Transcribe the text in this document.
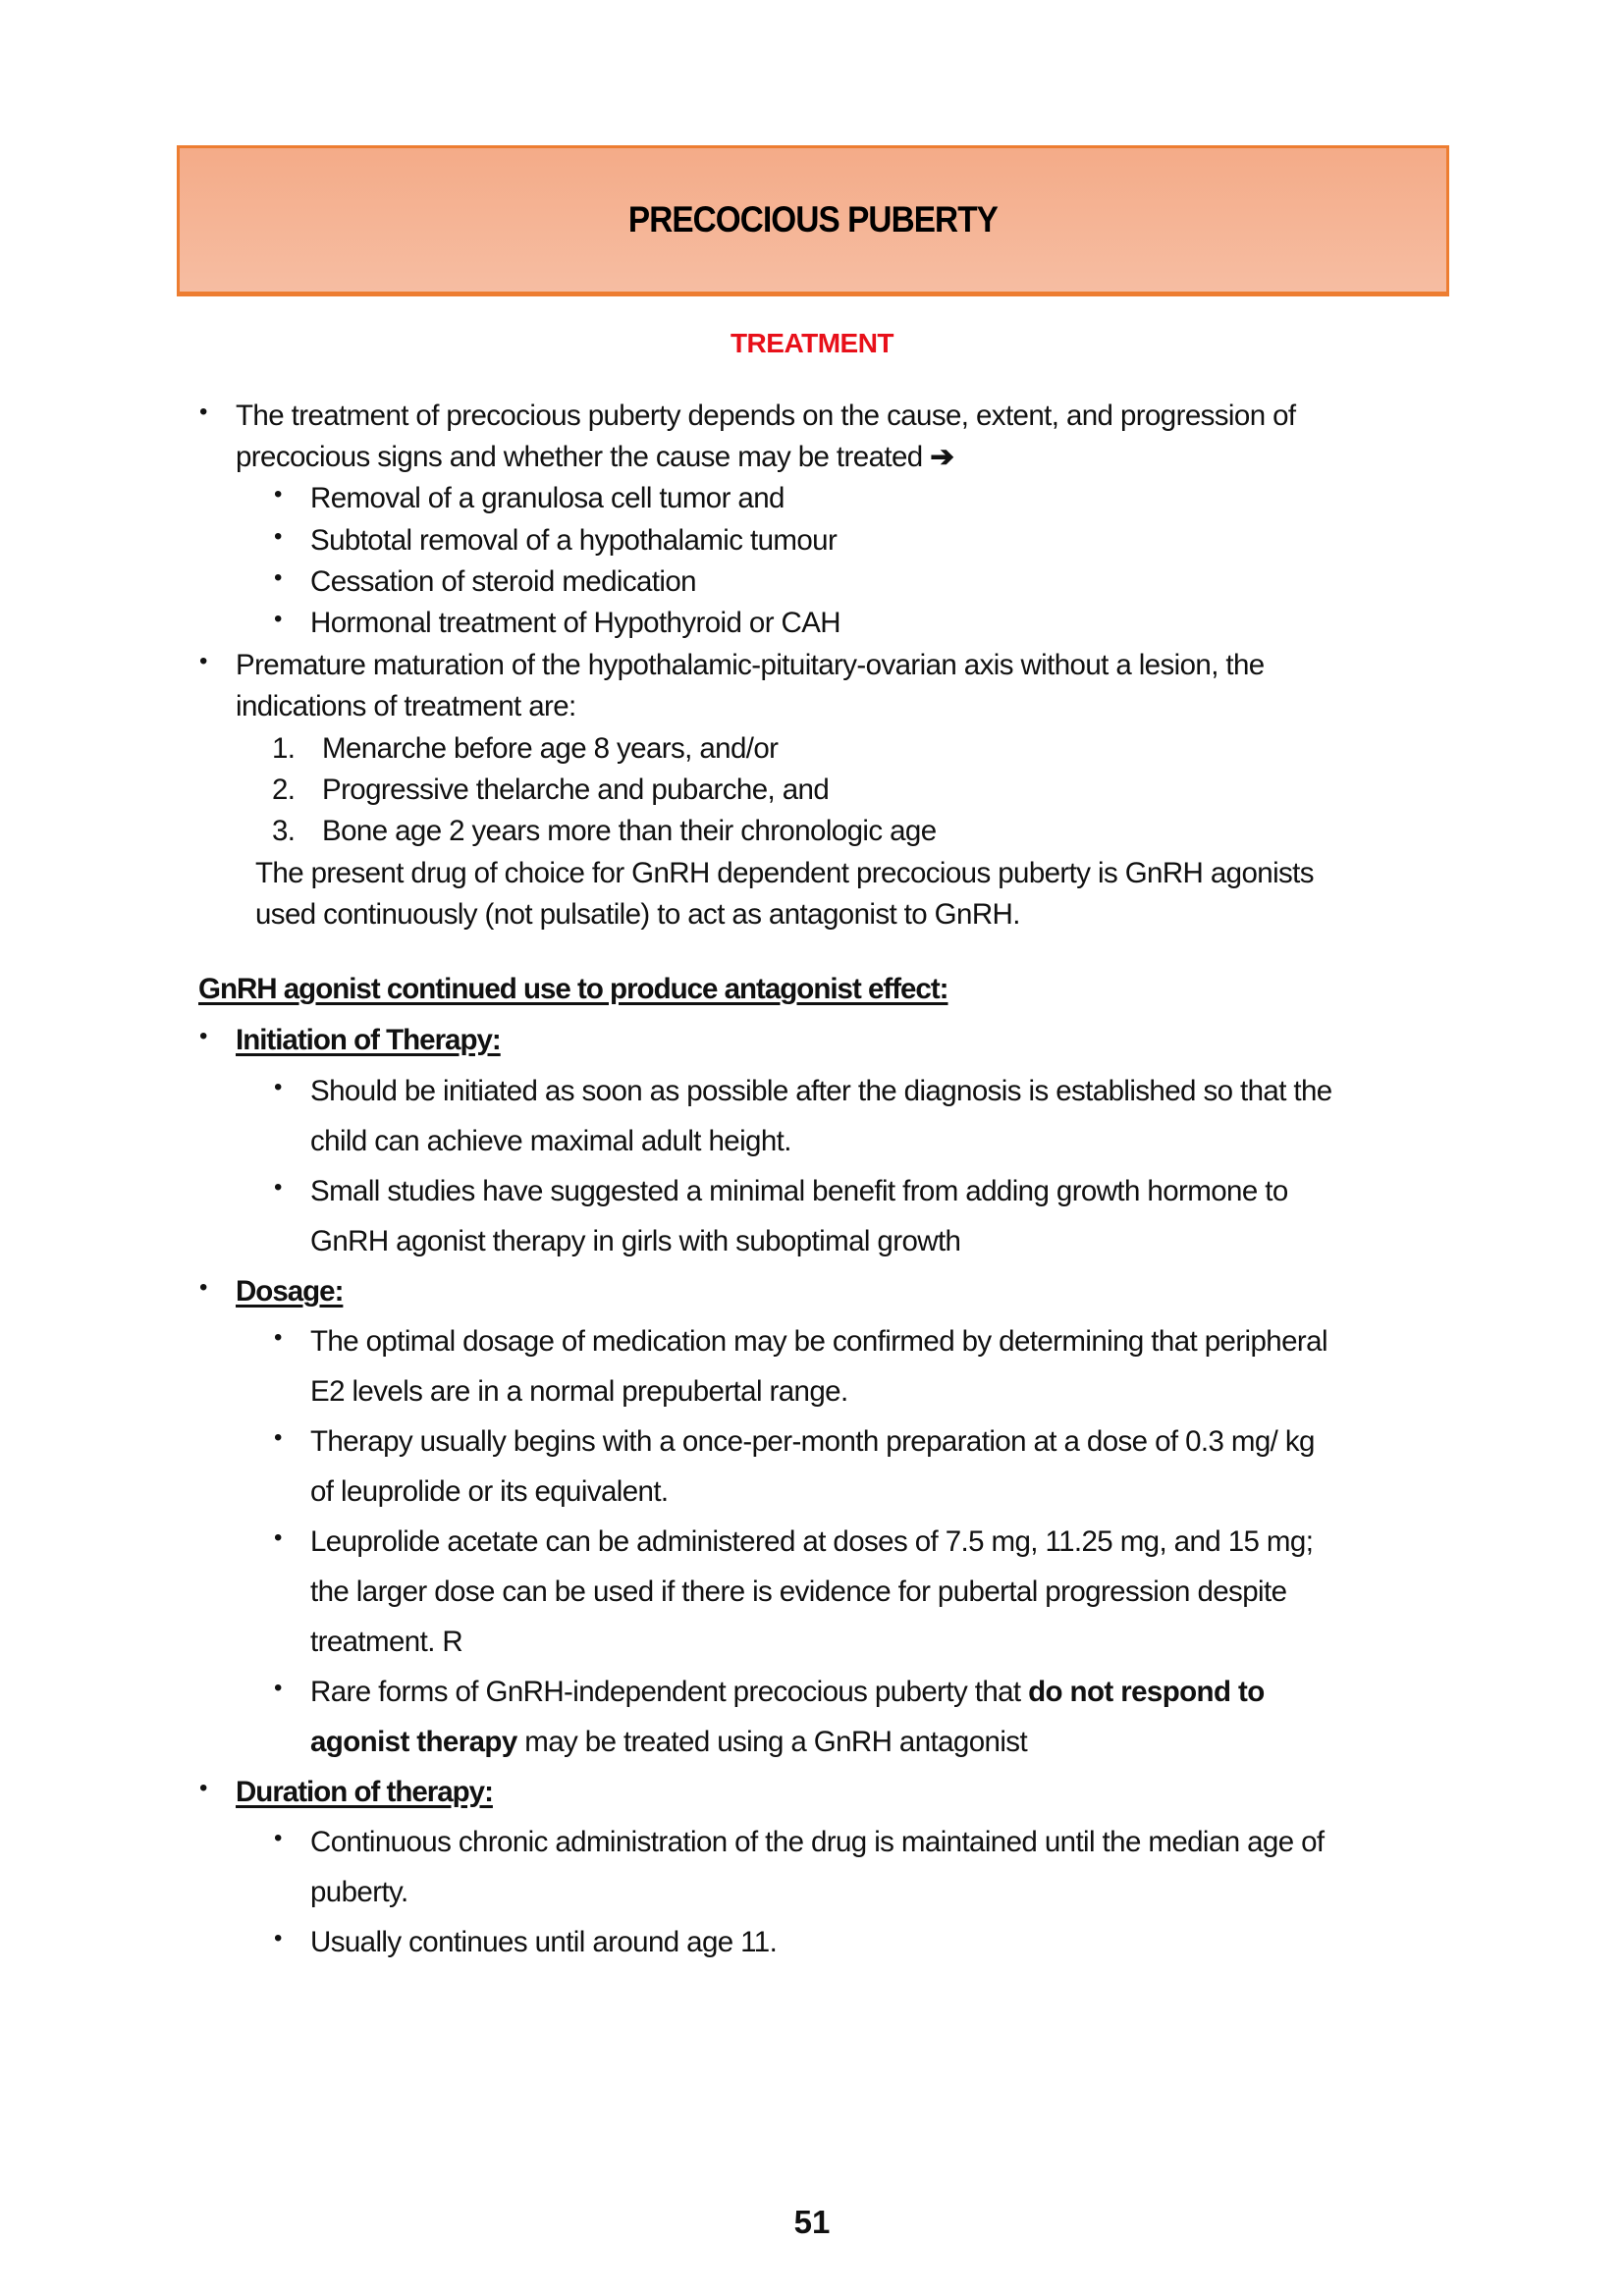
PRECOCIOUS PUBERTY
TREATMENT
• The treatment of precocious puberty depends on the cause, extent, and progression of
precocious signs and whether the cause may be treated ➔
• Removal of a granulosa cell tumor and
• Subtotal removal of a hypothalamic tumour
• Cessation of steroid medication
• Hormonal treatment of Hypothyroid or CAH
• Premature maturation of the hypothalamic-pituitary-ovarian axis without a lesion, the
indications of treatment are:
1. Menarche before age 8 years, and/or
2. Progressive thelarche and pubarche, and
3. Bone age 2 years more than their chronologic age
The present drug of choice for GnRH dependent precocious puberty is GnRH agonists
used continuously (not pulsatile) to act as antagonist to GnRH.
GnRH agonist continued use to produce antagonist effect:
• Initiation of Therapy:
• Should be initiated as soon as possible after the diagnosis is established so that the
child can achieve maximal adult height.
• Small studies have suggested a minimal benefit from adding growth hormone to
GnRH agonist therapy in girls with suboptimal growth
• Dosage:
• The optimal dosage of medication may be confirmed by determining that peripheral
E2 levels are in a normal prepubertal range.
• Therapy usually begins with a once-per-month preparation at a dose of 0.3 mg/ kg
of leuprolide or its equivalent.
• Leuprolide acetate can be administered at doses of 7.5 mg, 11.25 mg, and 15 mg;
the larger dose can be used if there is evidence for pubertal progression despite
treatment. R
• Rare forms of GnRH-independent precocious puberty that do not respond to
agonist therapy may be treated using a GnRH antagonist
• Duration of therapy:
• Continuous chronic administration of the drug is maintained until the median age of
puberty.
• Usually continues until around age 11.
51
